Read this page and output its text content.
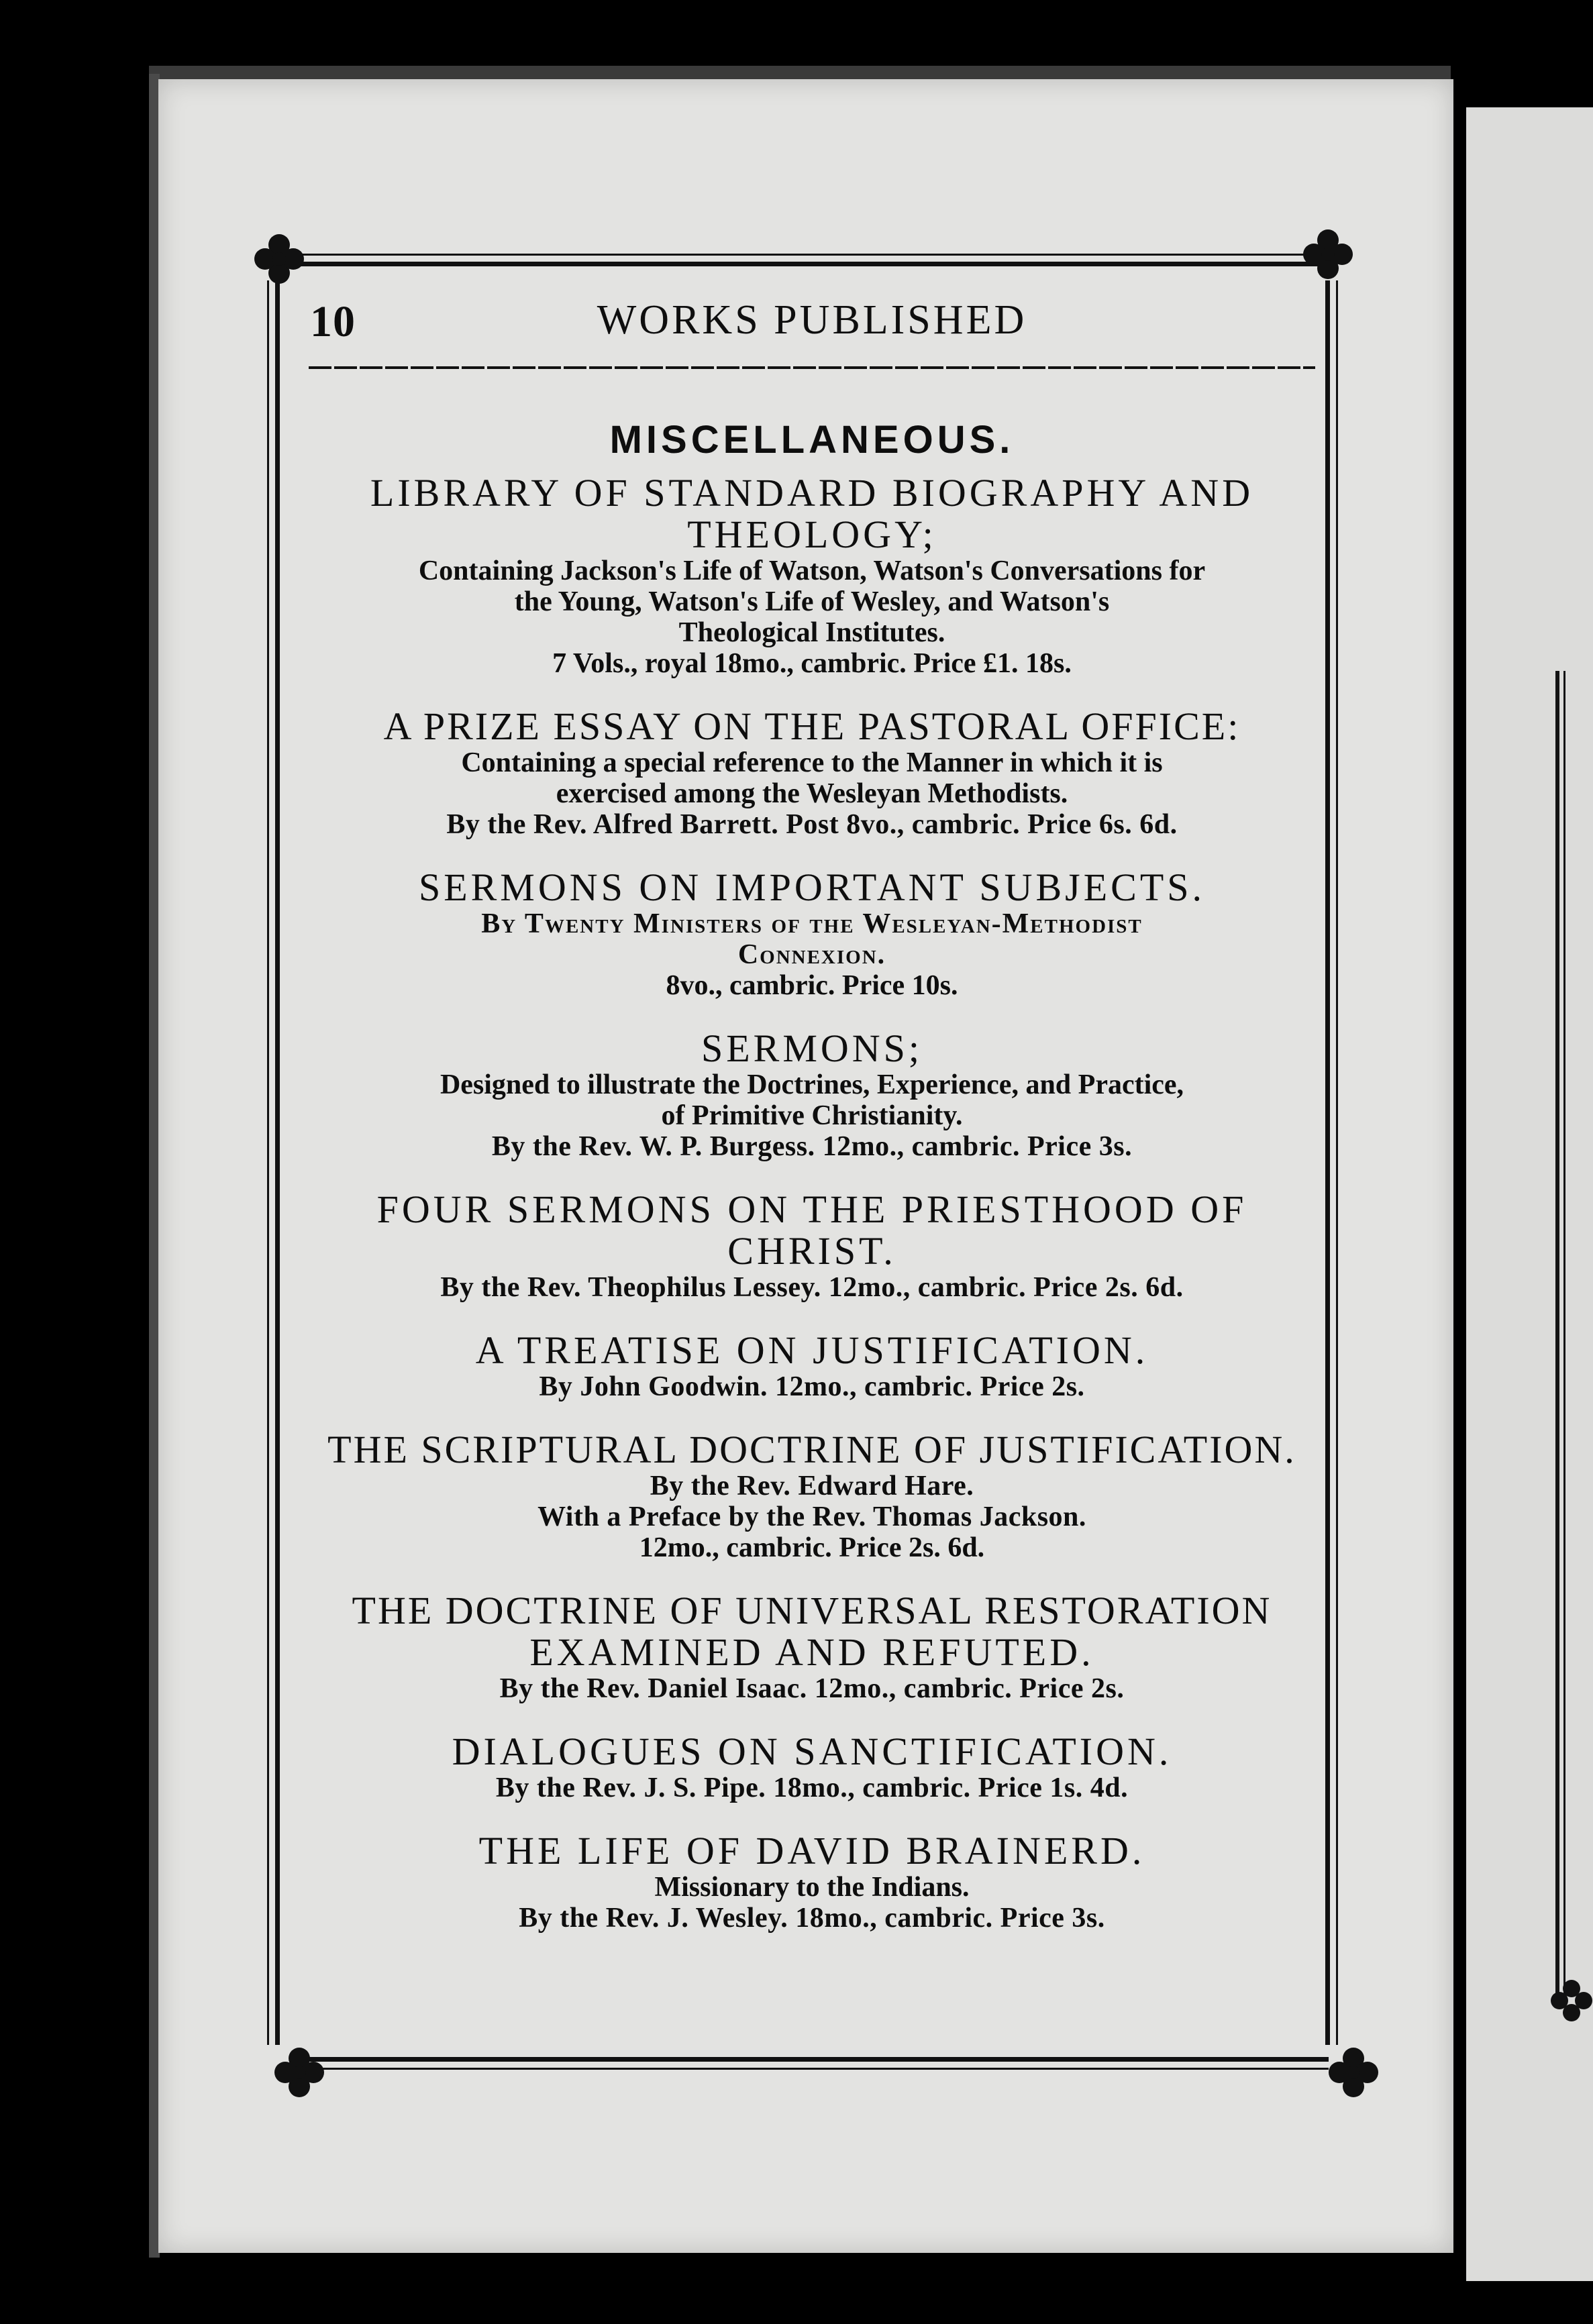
10	WORKS PUBLISHED
MISCELLANEOUS.

LIBRARY OF STANDARD BIOGRAPHY AND

THEOLOGY;

Containing Jackson's Life of Watson, Watson's Conversations for

the Young, Watson's Life of Wesley, and Watson's

Theological Institutes.

7 Vols., royal 18mo., cambric. Price £1. 18s.

A PRIZE ESSAY ON THE PASTORAL OFFICE:

Containing a special reference to the Manner in which it is

exercised among the Wesleyan Methodists.

By the Rev. Alfred Barrett. Post 8vo., cambric. Price 6s. 6d.

SERMONS ON IMPORTANT SUBJECTS.

By Twenty Ministers of the Wesleyan-Methodist

Connexion.

8vo., cambric. Price 10s.

SERMONS;

Designed to illustrate the Doctrines, Experience, and Practice,

of Primitive Christianity.

By the Rev. W. P. Burgess. 12mo., cambric. Price 3s.

FOUR SERMONS ON THE PRIESTHOOD OF

CHRIST.

By the Rev. Theophilus Lessey. 12mo., cambric. Price 2s. 6d.

A TREATISE ON JUSTIFICATION.

By John Goodwin. 12mo., cambric. Price 2s.

THE SCRIPTURAL DOCTRINE OF JUSTIFICATION.

By the Rev. Edward Hare.

With a Preface by the Rev. Thomas Jackson.

12mo., cambric. Price 2s. 6d.

THE DOCTRINE OF UNIVERSAL RESTORATION

EXAMINED AND REFUTED.

By the Rev. Daniel Isaac. 12mo., cambric. Price 2s.

DIALOGUES ON SANCTIFICATION.

By the Rev. J. S. Pipe. 18mo., cambric. Price 1s. 4d.

THE LIFE OF DAVID BRAINERD.

Missionary to the Indians.

By the Rev. J. Wesley. 18mo., cambric. Price 3s.
